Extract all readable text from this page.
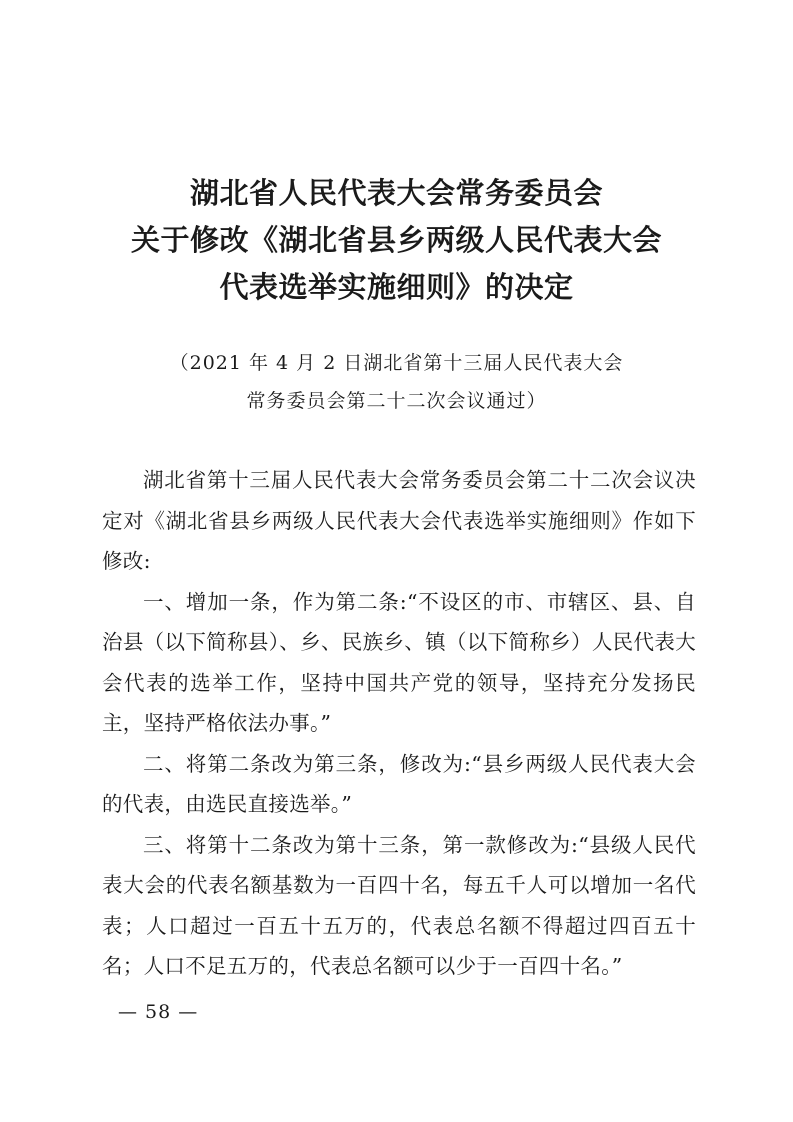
湖北省人民代表大会常务委员会
关于修改《湖北省县乡两级人民代表大会
代表选举实施细则》的决定
（2021 年 4 月 2 日湖北省第十三届人民代表大会
常务委员会第二十二次会议通过）

湖北省第十三届人民代表大会常务委员会第二十二次会议决定对《湖北省县乡两级人民代表大会代表选举实施细则》作如下修改:

一、增加一条，作为第二条:“不设区的市、市辖区、县、自治县（以下简称县）、乡、民族乡、镇（以下简称乡）人民代表大会代表的选举工作，坚持中国共产党的领导，坚持充分发扬民主，坚持严格依法办事。”

二、将第二条改为第三条，修改为:“县乡两级人民代表大会的代表，由选民直接选举。”

三、将第十二条改为第十三条，第一款修改为:“县级人民代表大会的代表名额基数为一百四十名，每五千人可以增加一名代表；人口超过一百五十五万的，代表总名额不得超过四百五十名；人口不足五万的，代表总名额可以少于一百四十名。”

— 58 —
